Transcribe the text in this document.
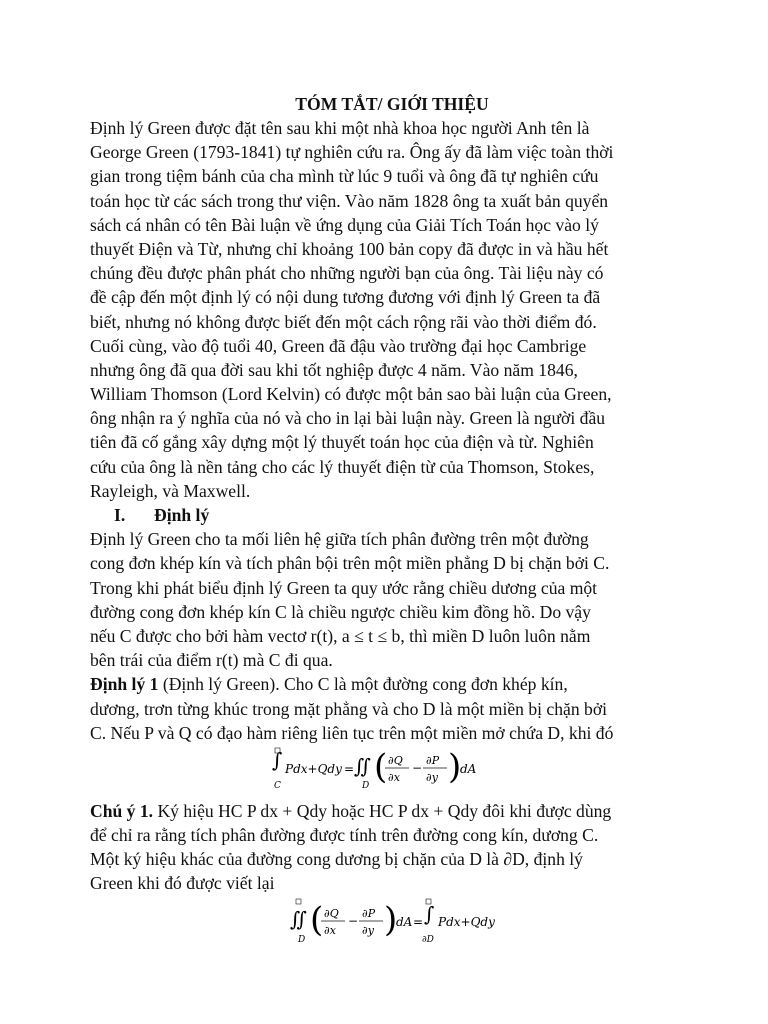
TÓM TẮT/ GIỚI THIỆU
Định lý Green được đặt tên sau khi một nhà khoa học người Anh tên là
George Green (1793-1841) tự nghiên cứu ra. Ông ấy đã làm việc toàn thời
gian trong tiệm bánh của cha mình từ lúc 9 tuổi và ông đã tự nghiên cứu
toán học từ các sách trong thư viện. Vào năm 1828 ông ta xuất bản quyển
sách cá nhân có tên Bài luận về ứng dụng của Giải Tích Toán học vào lý
thuyết Điện và Từ, nhưng chỉ khoảng 100 bản copy đã được in và hầu hết
chúng đều được phân phát cho những người bạn của ông. Tài liệu này có
đề cập đến một định lý có nội dung tương đương với định lý Green ta đã
biết, nhưng nó không được biết đến một cách rộng rãi vào thời điểm đó.
Cuối cùng, vào độ tuổi 40, Green đã đậu vào trường đại học Cambrige
nhưng ông đã qua đời sau khi tốt nghiệp được 4 năm. Vào năm 1846,
William Thomson (Lord Kelvin) có được một bản sao bài luận của Green,
ông nhận ra ý nghĩa của nó và cho in lại bài luận này. Green là người đầu
tiên đã cố gắng xây dựng một lý thuyết toán học của điện và từ. Nghiên
cứu của ông là nền tảng cho các lý thuyết điện từ của Thomson, Stokes,
Rayleigh, và Maxwell.
I. Định lý
Định lý Green cho ta mối liên hệ giữa tích phân đường trên một đường
cong đơn khép kín và tích phân bội trên một miền phẳng D bị chặn bởi C.
Trong khi phát biểu định lý Green ta quy ước rằng chiều dương của một
đường cong đơn khép kín C là chiều ngược chiều kim đồng hồ. Do vậy
nếu C được cho bởi hàm vectơ r(t), a ≤ t ≤ b, thì miền D luôn luôn nằm
bên trái của điểm r(t) mà C đi qua.
Định lý 1 (Định lý Green). Cho C là một đường cong đơn khép kín,
dương, trơn từng khúc trong mặt phẳng và cho D là một miền bị chặn bởi
C. Nếu P và Q có đạo hàm riêng liên tục trên một miền mở chứa D, khi đó
∫
C
Pdx+Qdy = ∬
D ( ∂Q
∂x
−
∂P
∂y )
dA
Chú ý 1. Ký hiệu HC P dx + Qdy hoặc HC P dx + Qdy đôi khi được dùng
để chỉ ra rằng tích phân đường được tính trên đường cong kín, dương C.
Một ký hiệu khác của đường cong dương bị chặn của D là ∂D, định lý
Green khi đó được viết lại
∬
D ( ∂Q
∂x
−
∂P
∂y )
dA = ∫
∂D
Pdx+Qdy
